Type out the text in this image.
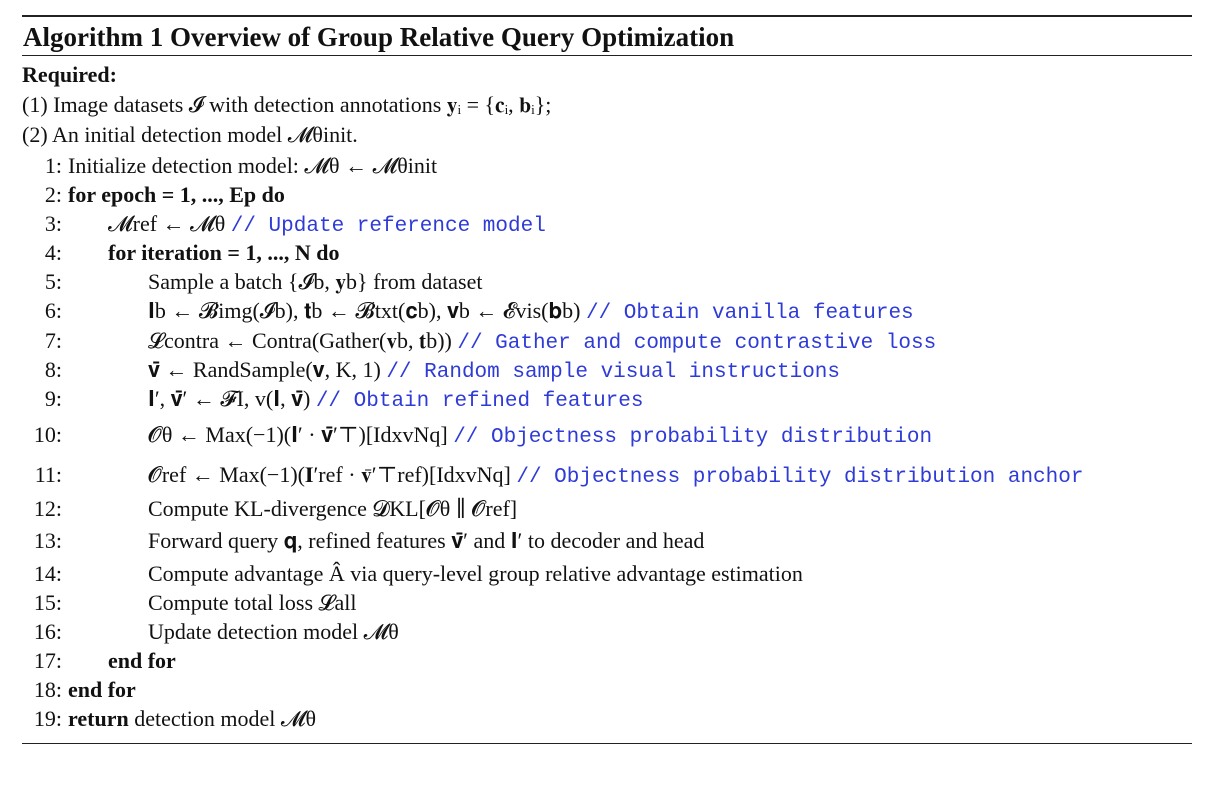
Algorithm 1 Overview of Group Relative Query Optimization
Required:
(1) Image datasets 𝓘 with detection annotations 𝐲ᵢ = {𝐜ᵢ, 𝐛ᵢ};
(2) An initial detection model 𝓜θinit.
1: Initialize detection model: 𝓜θ ← 𝓜θinit
2: for epoch = 1, ..., Ep do
3: 𝓜ref ← 𝓜θ // Update reference model
4: for iteration = 1, ..., N do
5:	Sample a batch {𝓘b, 𝐲b} from dataset
6:	𝐈b ← 𝓑img(𝓘b), 𝐭b ← 𝓑txt(𝐜b), 𝐯b ← 𝓔vis(𝐛b) // Obtain vanilla features
7:	𝓛contra ← Contra(Gather(𝐯b, 𝐭b)) // Gather and compute contrastive loss
8:	𝐯̄ ← RandSample(𝐯, K, 1) // Random sample visual instructions
9:	𝐈′, 𝐯̄′ ← 𝓕I, v(𝐈, 𝐯̄) // Obtain refined features
10:	𝓞θ ← Max(−1)(𝐈′ · 𝐯̄′⊤)[IdxvNq] // Objectness probability distribution
11:	𝓞ref ← Max(−1)(𝐈′ref · 𝐯̄′⊤ref)[IdxvNq] // Objectness probability distribution anchor
12:	Compute KL-divergence 𝓓KL[𝓞θ ∥ 𝓞ref]
13:	Forward query 𝐪, refined features 𝐯̄′ and 𝐈′ to decoder and head
14:	Compute advantage Â via query-level group relative advantage estimation
15:	Compute total loss 𝓛all
16:	Update detection model 𝓜θ
17: end for
18: end for
19: return detection model 𝓜θ
